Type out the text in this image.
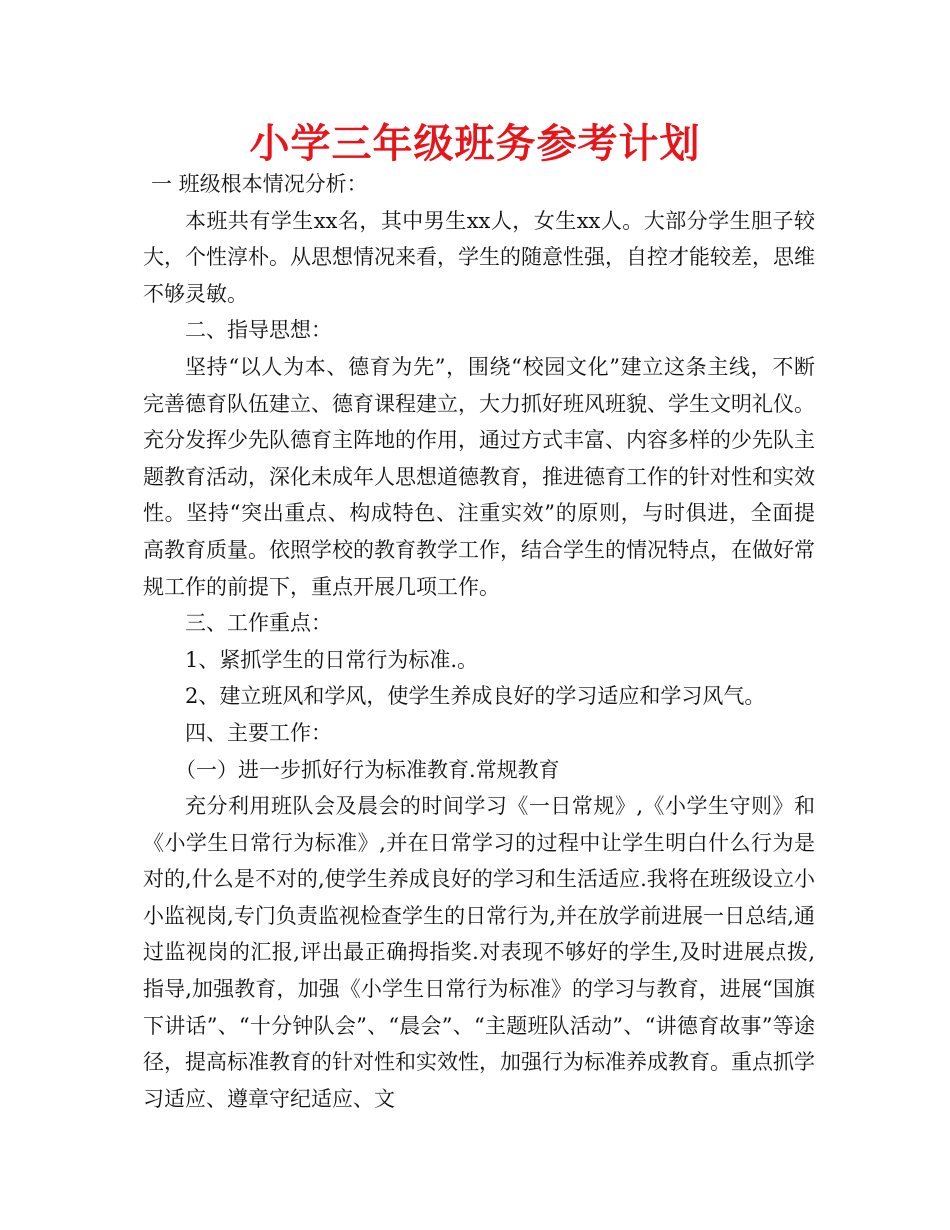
小学三年级班务参考计划

一 班级根本情况分析：

本班共有学生xx名，其中男生xx人，女生xx人。大部分学生胆子较大，个性淳朴。从思想情况来看，学生的随意性强，自控才能较差，思维不够灵敏。

二、指导思想：

坚持“以人为本、德育为先”，围绕“校园文化”建立这条主线，不断完善德育队伍建立、德育课程建立，大力抓好班风班貌、学生文明礼仪。充分发挥少先队德育主阵地的作用，通过方式丰富、内容多样的少先队主题教育活动，深化未成年人思想道德教育，推进德育工作的针对性和实效性。坚持“突出重点、构成特色、注重实效”的原则，与时俱进，全面提高教育质量。依照学校的教育教学工作，结合学生的情况特点，在做好常规工作的前提下，重点开展几项工作。

三、工作重点：

1、紧抓学生的日常行为标准.。

2、建立班风和学风，使学生养成良好的学习适应和学习风气。

四、主要工作：

（一）进一步抓好行为标准教育.常规教育

充分利用班队会及晨会的时间学习《一日常规》,《小学生守则》和《小学生日常行为标准》,并在日常学习的过程中让学生明白什么行为是对的,什么是不对的,使学生养成良好的学习和生活适应.我将在班级设立小小监视岗,专门负责监视检查学生的日常行为,并在放学前进展一日总结,通过监视岗的汇报,评出最正确拇指奖.对表现不够好的学生,及时进展点拨,指导,加强教育，加强《小学生日常行为标准》的学习与教育，进展“国旗下讲话”、“十分钟队会”、“晨会”、“主题班队活动”、“讲德育故事”等途径，提高标准教育的针对性和实效性，加强行为标准养成教育。重点抓学习适应、遵章守纪适应、文
